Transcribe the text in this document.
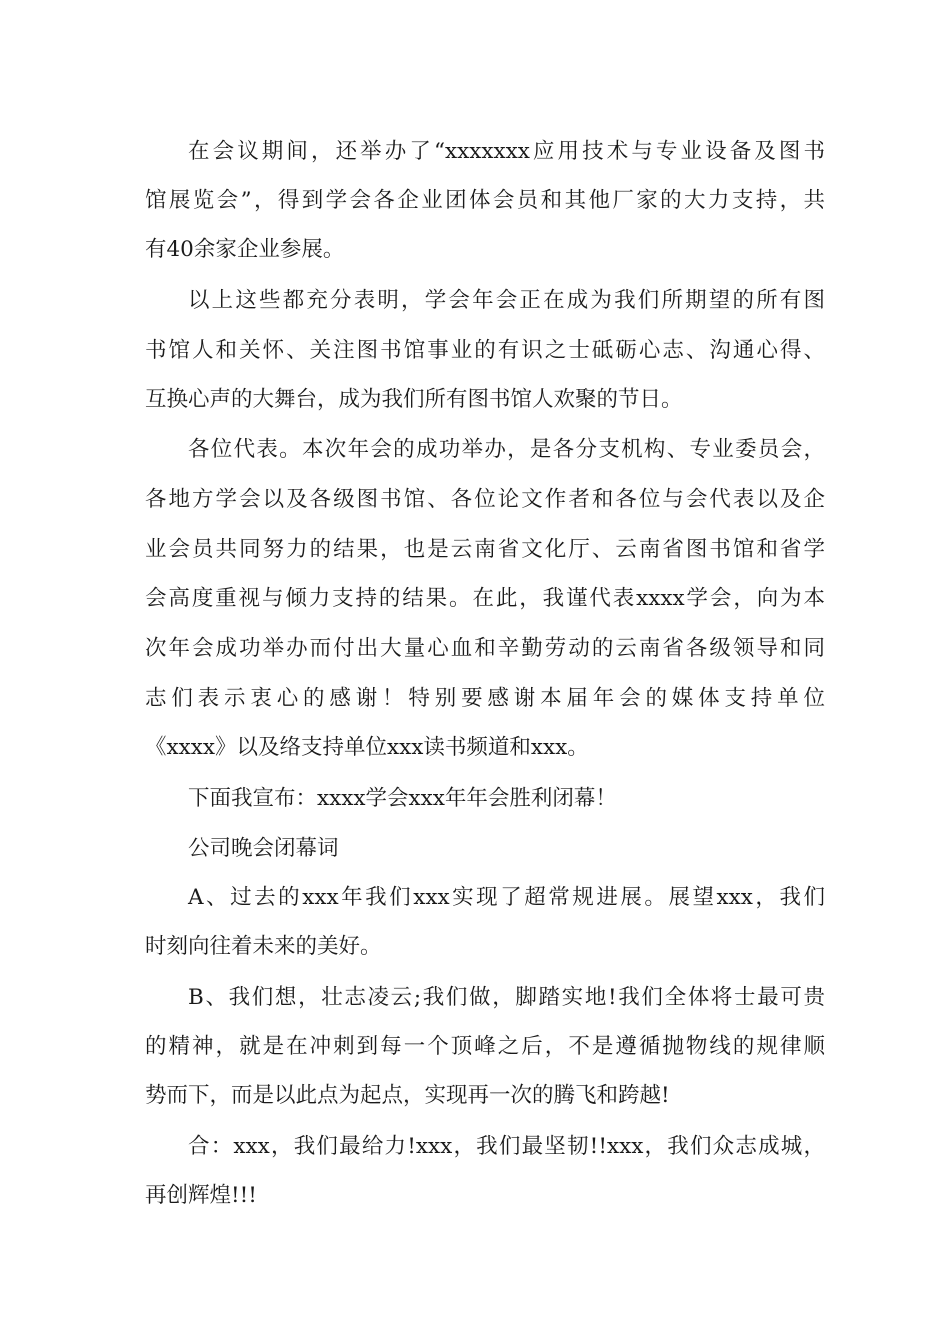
在会议期间，还举办了“xxxxxxx应用技术与专业设备及图书
馆展览会”，得到学会各企业团体会员和其他厂家的大力支持，共
有40余家企业参展。
以上这些都充分表明，学会年会正在成为我们所期望的所有图
书馆人和关怀、关注图书馆事业的有识之士砥砺心志、沟通心得、
互换心声的大舞台，成为我们所有图书馆人欢聚的节日。
各位代表。本次年会的成功举办，是各分支机构、专业委员会，
各地方学会以及各级图书馆、各位论文作者和各位与会代表以及企
业会员共同努力的结果，也是云南省文化厅、云南省图书馆和省学
会高度重视与倾力支持的结果。在此，我谨代表xxxx学会，向为本
次年会成功举办而付出大量心血和辛勤劳动的云南省各级领导和同
志们表示衷心的感谢！特别要感谢本届年会的媒体支持单位
《xxxx》以及络支持单位xxx读书频道和xxx。
下面我宣布：xxxx学会xxx年年会胜利闭幕！
公司晚会闭幕词
A、过去的xxx年我们xxx实现了超常规进展。展望xxx，我们
时刻向往着未来的美好。
B、我们想，壮志凌云;我们做，脚踏实地!我们全体将士最可贵
的精神，就是在冲刺到每一个顶峰之后，不是遵循抛物线的规律顺
势而下，而是以此点为起点，实现再一次的腾飞和跨越!
合：xxx，我们最给力!xxx，我们最坚韧!!xxx，我们众志成城，
再创辉煌!!!
